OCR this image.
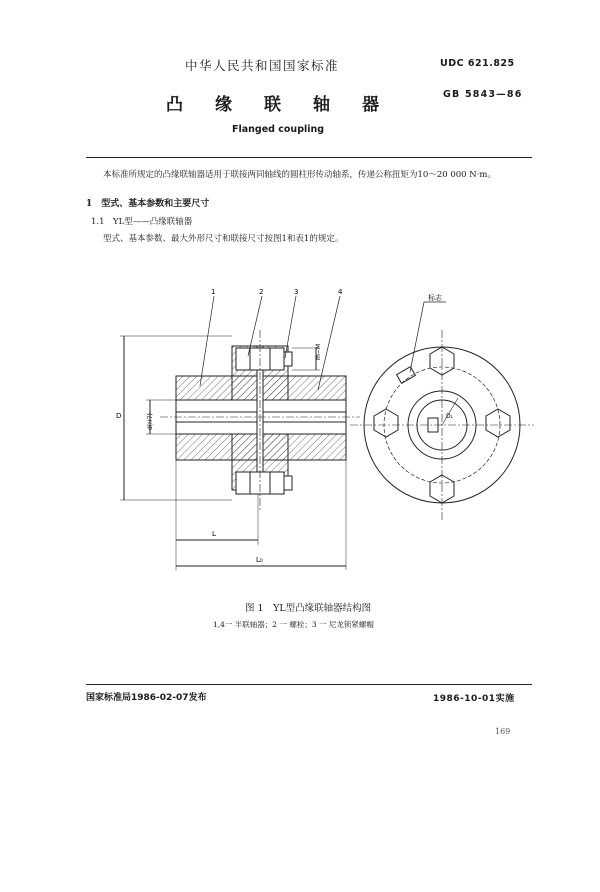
中华人民共和国国家标准	UDC 621.825
凸缘联轴器
GB 5843—86
Flanged coupling
本标准所规定的凸缘联轴器适用于联接两同轴线的圆柱形传动轴系，传递公称扭矩为10～20 000 N·m。
1　型式、基本参数和主要尺寸
1.1　YL型——凸缘联轴器
型式、基本参数、最大外形尺寸和联接尺寸按图1和表1的规定。
1	2	3	4
D	d(H7)
m−M
L
L₀
标志
D₁
图 1　YL型凸缘联轴器结构图
1,4一 半联轴器；2 一 螺栓；3 一 尼龙锁紧螺帽
国家标准局1986-02-07发布	1986-10-01实施
169
